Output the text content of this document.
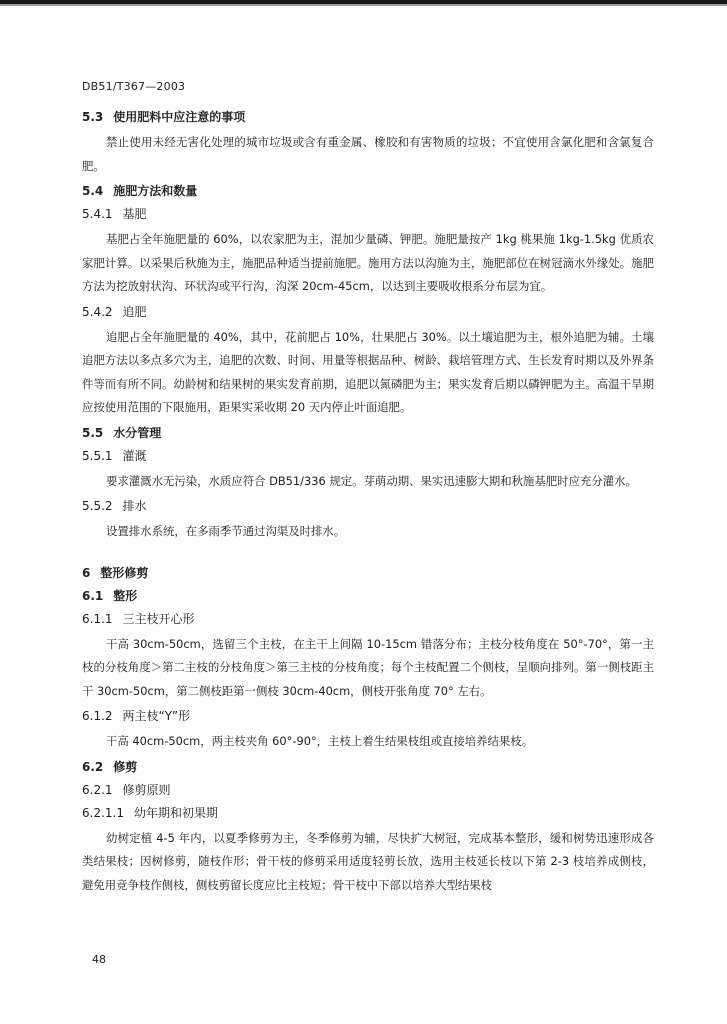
DB51/T367—2003
5.3 使用肥料中应注意的事项
禁止使用未经无害化处理的城市垃圾或含有重金属、橡胶和有害物质的垃圾；不宜使用含氯化肥和含氯复合肥。
5.4 施肥方法和数量
5.4.1 基肥
基肥占全年施肥量的 60%，以农家肥为主，混加少量磷、钾肥。施肥量按产 1kg 桃果施 1kg-1.5kg 优质农家肥计算。以采果后秋施为主，施肥品种适当提前施肥。施用方法以沟施为主，施肥部位在树冠滴水外缘处。施肥方法为挖放射状沟、环状沟或平行沟，沟深 20cm-45cm，以达到主要吸收根系分布层为宜。
5.4.2 追肥
追肥占全年施肥量的 40%，其中，花前肥占 10%，壮果肥占 30%。以土壤追肥为主，根外追肥为辅。土壤追肥方法以多点多穴为主，追肥的次数、时间、用量等根据品种、树龄、栽培管理方式、生长发育时期以及外界条件等而有所不同。幼龄树和结果树的果实发育前期，追肥以氮磷肥为主；果实发育后期以磷钾肥为主。高温干旱期应按使用范围的下限施用，距果实采收期 20 天内停止叶面追肥。
5.5 水分管理
5.5.1 灌溉
要求灌溉水无污染，水质应符合 DB51/336 规定。芽萌动期、果实迅速膨大期和秋施基肥时应充分灌水。
5.5.2 排水
设置排水系统，在多雨季节通过沟渠及时排水。
6 整形修剪
6.1 整形
6.1.1 三主枝开心形
干高 30cm-50cm，选留三个主枝，在主干上间隔 10-15cm 错落分布；主枝分枝角度在 50°-70°，第一主枝的分枝角度＞第二主枝的分枝角度＞第三主枝的分枝角度；每个主枝配置二个侧枝，呈顺向排列。第一侧枝距主干 30cm-50cm，第二侧枝距第一侧枝 30cm-40cm，侧枝开张角度 70° 左右。
6.1.2 两主枝“Y”形
干高 40cm-50cm，两主枝夹角 60°-90°，主枝上着生结果枝组或直接培养结果枝。
6.2 修剪
6.2.1 修剪原则
6.2.1.1 幼年期和初果期
幼树定植 4-5 年内，以夏季修剪为主，冬季修剪为辅，尽快扩大树冠，完成基本整形，缓和树势迅速形成各类结果枝；因树修剪，随枝作形；骨干枝的修剪采用适度轻剪长放，选用主枝延长枝以下第 2-3 枝培养成侧枝，避免用竞争枝作侧枝，侧枝剪留长度应比主枝短；骨干枝中下部以培养大型结果枝
48
